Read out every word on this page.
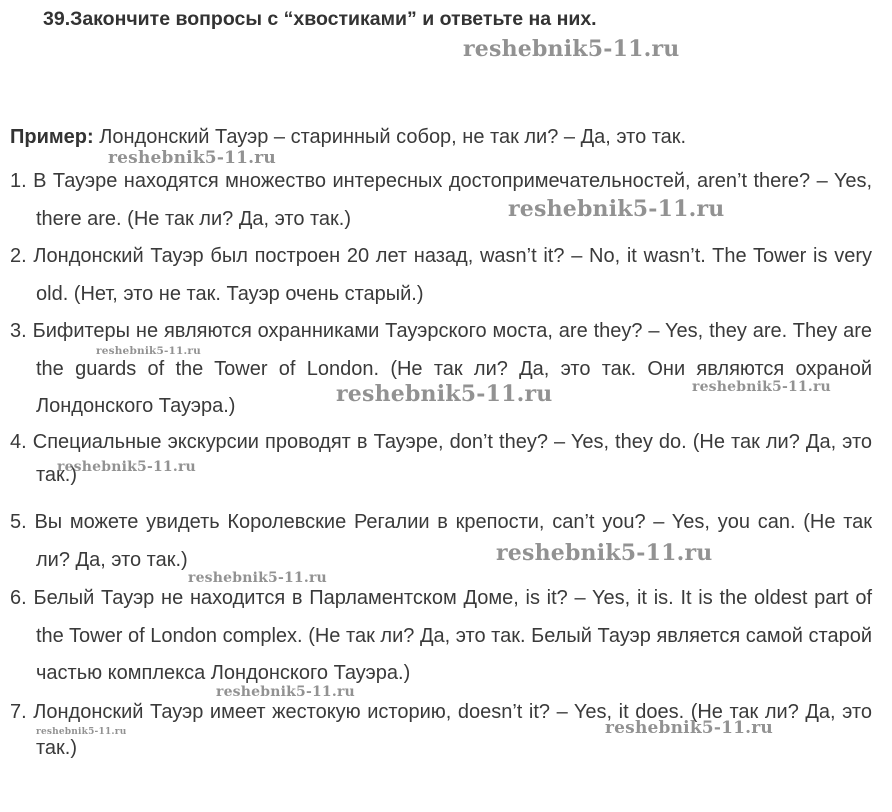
39.Закончите вопросы с “хвостиками” и ответьте на них.
Пример: Лондонский Тауэр – старинный собор, не так ли? – Да, это так.
1. В Тауэре находятся множество интересных достопримечательностей, aren’t there? – Yes, there are. (Не так ли? Да, это так.)
2. Лондонский Тауэр был построен 20 лет назад, wasn’t it? – No, it wasn’t. The Tower is very old. (Нет, это не так. Тауэр очень старый.)
3. Бифитеры не являются охранниками Тауэрского моста, are they? – Yes, they are. They are the guards of the Tower of London. (Не так ли? Да, это так. Они являются охраной Лондонского Тауэра.)
4. Специальные экскурсии проводят в Тауэре, don’t they? – Yes, they do. (Не так ли? Да, это так.)
5. Вы можете увидеть Королевские Регалии в крепости, can’t you? – Yes, you can. (Не так ли? Да, это так.)
6. Белый Тауэр не находится в Парламентском Доме, is it? – Yes, it is. It is the oldest part of the Tower of London complex. (Не так ли? Да, это так. Белый Тауэр является самой старой частью комплекса Лондонского Тауэра.)
7. Лондонский Тауэр имеет жестокую историю, doesn’t it? – Yes, it does. (Не так ли? Да, это так.)
reshebnik5-11.ru
reshebnik5-11.ru
reshebnik5-11.ru
reshebnik5-11.ru
reshebnik5-11.ru	reshebnik5-11.ru
reshebnik5-11.ru
reshebnik5-11.ru
reshebnik5-11.ru
reshebnik5-11.ru
reshebnik5-11.ru	reshebnik5-11.ru
